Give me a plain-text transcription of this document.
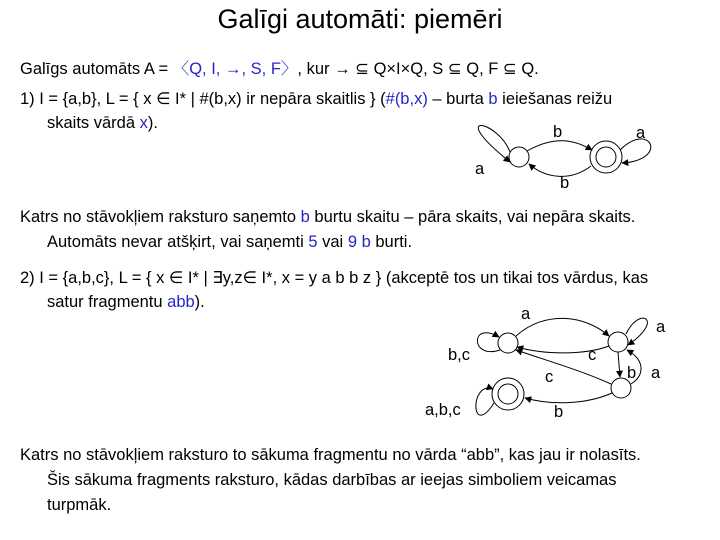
Galīgi automāti: piemēri
Galīgs automāts A = 〈Q, I, →, S, F〉, kur → ⊆ Q×I×Q, S ⊆ Q, F ⊆ Q.
1) I = {a,b}, L = { x ∈ I* | #(b,x) ir nepāra skaitlis } (#(b,x) – burta b ieiešanas reižu
skaits vārdā x).
Katrs no stāvokļiem raksturo saņemto b burtu skaitu – pāra skaits, vai nepāra skaits.
Automāts nevar atšķirt, vai saņemti 5 vai 9 b burti.
2) I = {a,b,c}, L = { x ∈ I* | ∃y,z∈ I*, x = y a b b z } (akceptē tos un tikai tos vārdus, kas
satur fragmentu abb).
Katrs no stāvokļiem raksturo to sākuma fragmentu no vārda “abb”, kas jau ir nolasīts.
Šis sākuma fragments raksturo, kādas darbības ar ieejas simboliem veicamas
turpmāk.
a
b	a
b
a
a
b,c	c
c	b a
a,b,c	b
